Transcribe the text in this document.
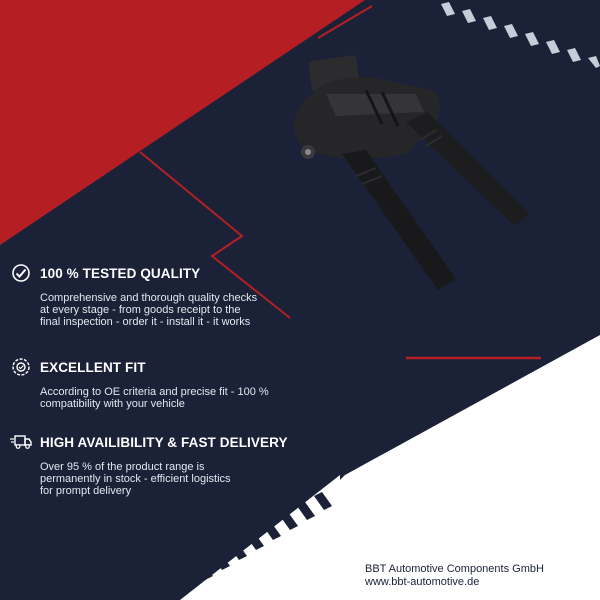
100 % TESTED QUALITY
Comprehensive and thorough quality checks at every stage - from goods receipt to the final inspection - order it - install it - it works
EXCELLENT FIT
According to OE criteria and precise fit - 100 % compatibility with your vehicle
HIGH AVAILIBILITY & FAST DELIVERY
Over 95 % of the product range is permanently in stock - efficient logistics for prompt delivery
BBT Automotive Components GmbH
www.bbt-automotive.de
